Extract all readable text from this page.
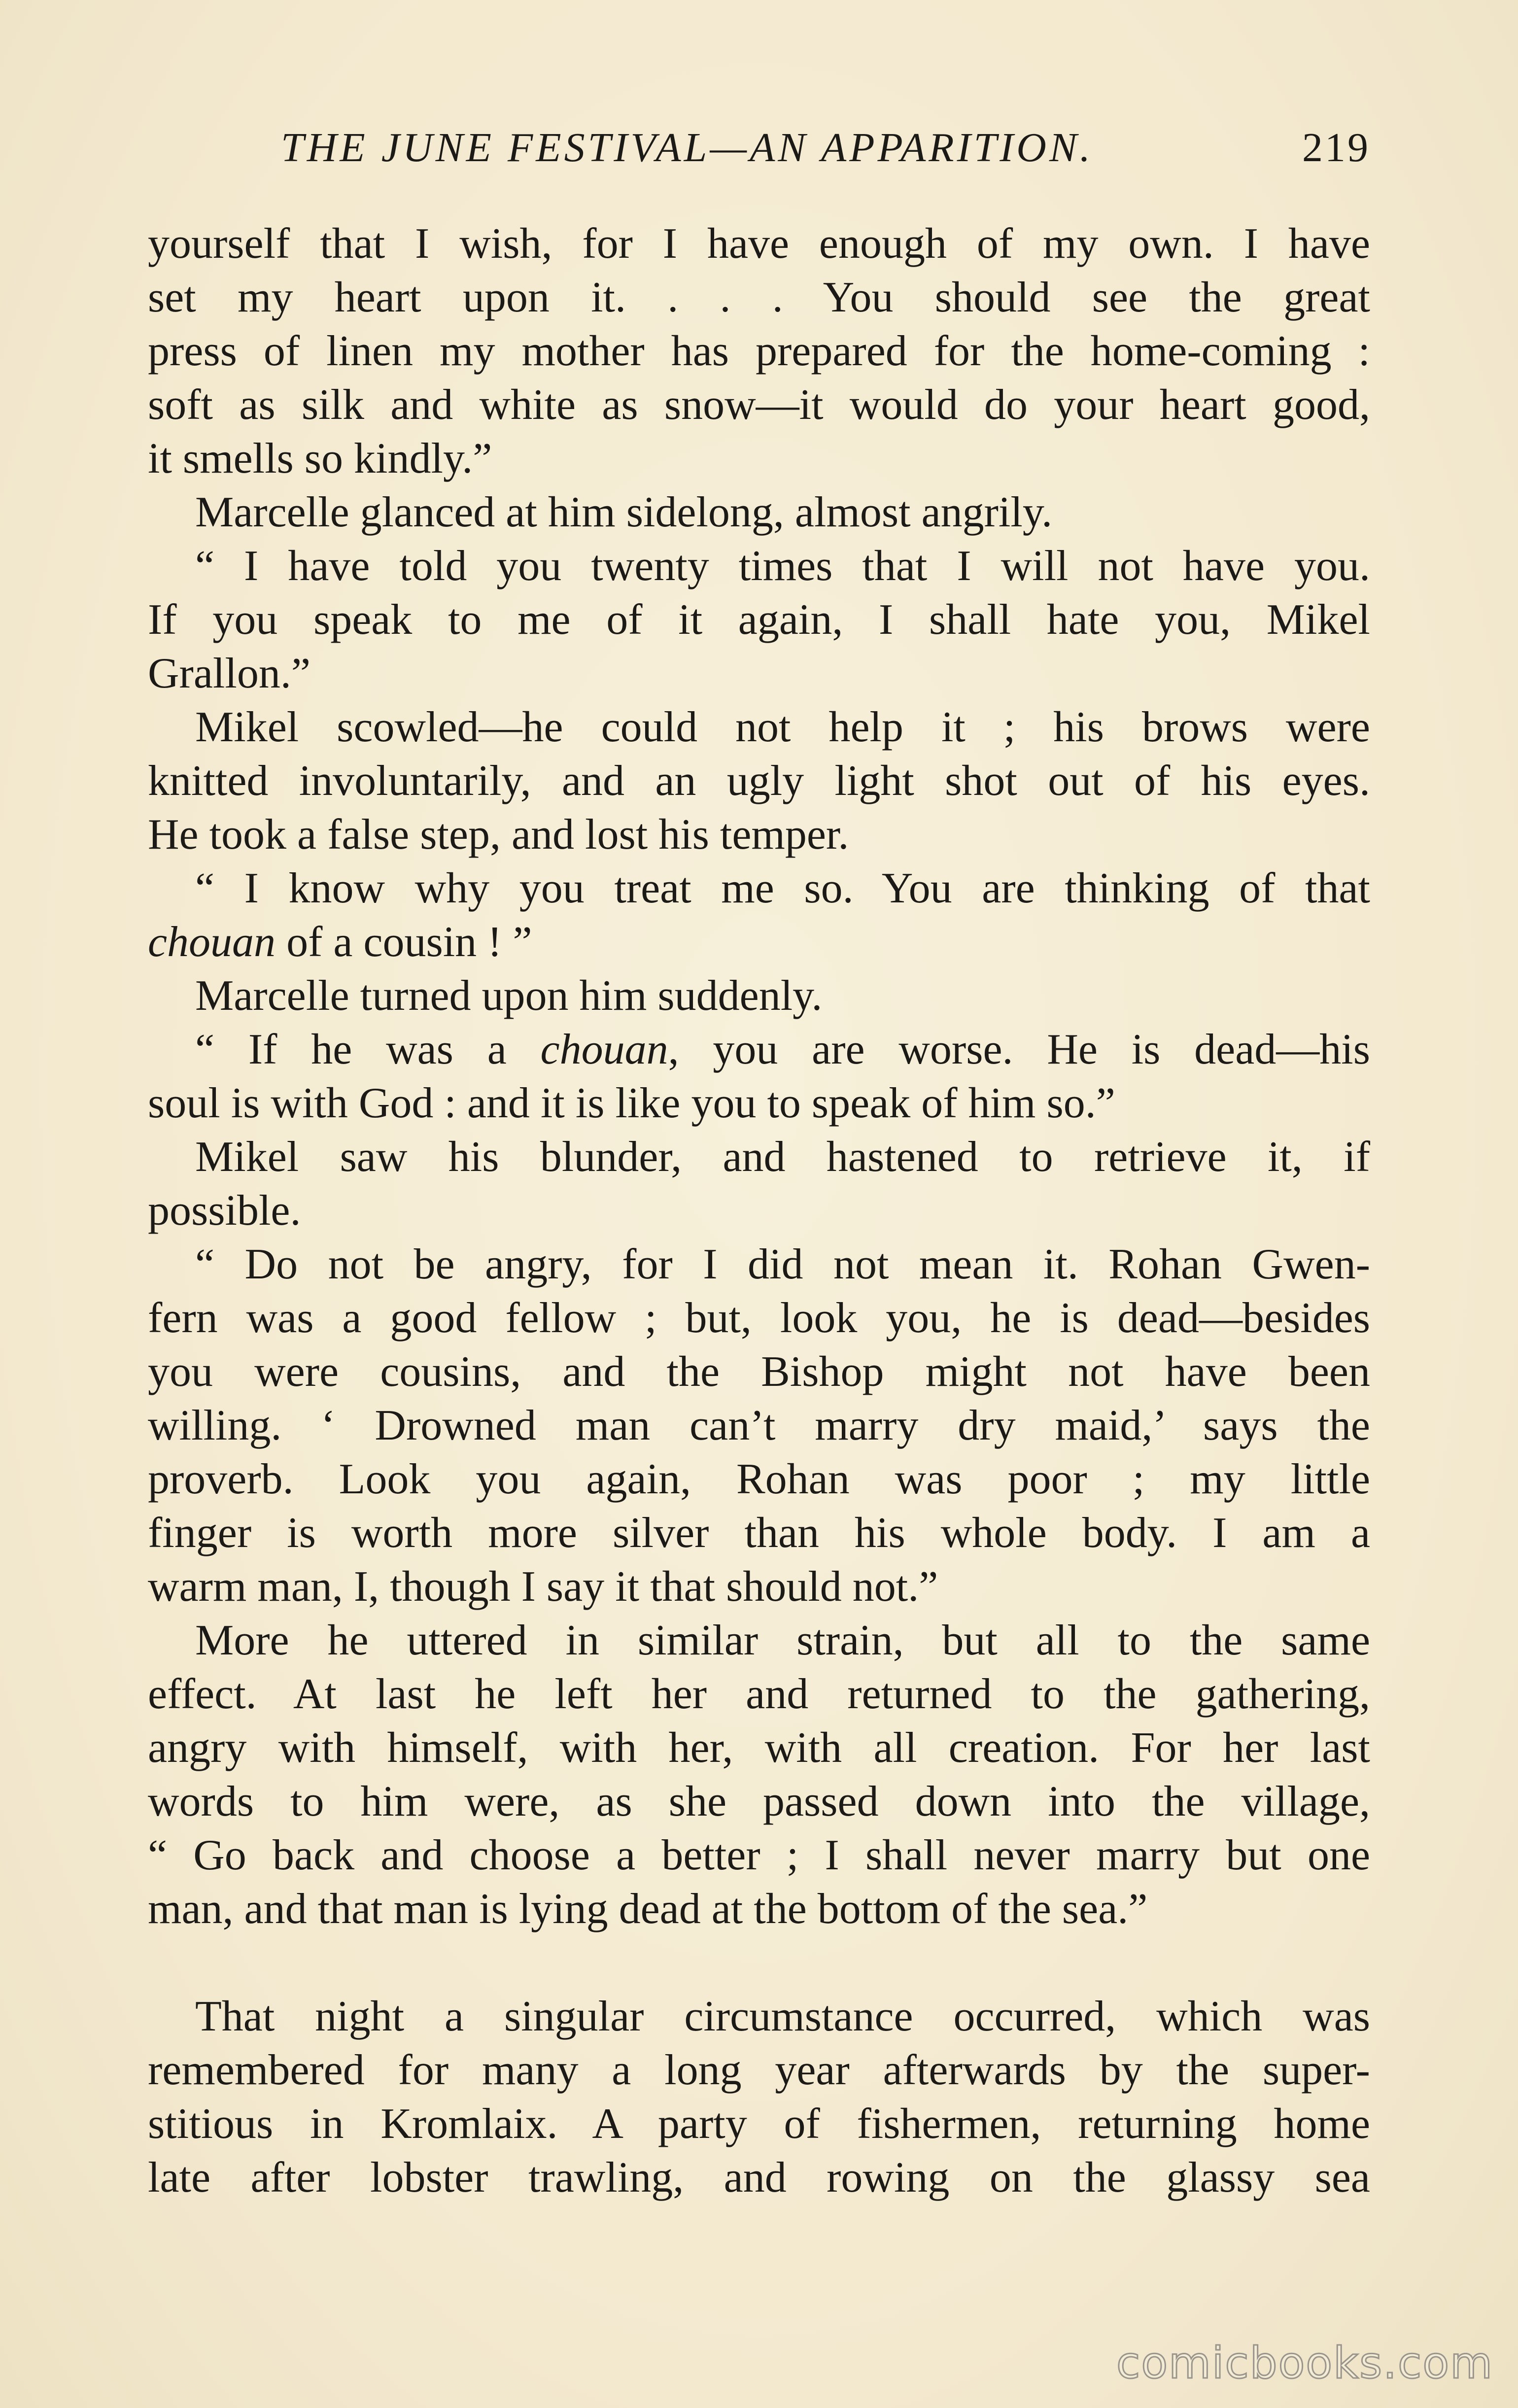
THE JUNE FESTIVAL—AN APPARITION.	219
yourself that I wish, for I have enough of my own. I have
set my heart upon it. . . . You should see the great
press of linen my mother has prepared for the home-coming :
soft as silk and white as snow—it would do your heart good,
it smells so kindly.”
Marcelle glanced at him sidelong, almost angrily.
“ I have told you twenty times that I will not have you.
If you speak to me of it again, I shall hate you, Mikel
Grallon.”
Mikel scowled—he could not help it ; his brows were
knitted involuntarily, and an ugly light shot out of his eyes.
He took a false step, and lost his temper.
“ I know why you treat me so. You are thinking of that
chouan of a cousin ! ”
Marcelle turned upon him suddenly.
“ If he was a chouan, you are worse. He is dead—his
soul is with God : and it is like you to speak of him so.”
Mikel saw his blunder, and hastened to retrieve it, if
possible.
“ Do not be angry, for I did not mean it. Rohan Gwen-
fern was a good fellow ; but, look you, he is dead—besides
you were cousins, and the Bishop might not have been
willing. ‘ Drowned man can’t marry dry maid,’ says the
proverb. Look you again, Rohan was poor ; my little
finger is worth more silver than his whole body. I am a
warm man, I, though I say it that should not.”
More he uttered in similar strain, but all to the same
effect. At last he left her and returned to the gathering,
angry with himself, with her, with all creation. For her last
words to him were, as she passed down into the village,
“ Go back and choose a better ; I shall never marry but one
man, and that man is lying dead at the bottom of the sea.”
That night a singular circumstance occurred, which was
remembered for many a long year afterwards by the super-
stitious in Kromlaix. A party of fishermen, returning home
late after lobster trawling, and rowing on the glassy sea
comicbooks.com
